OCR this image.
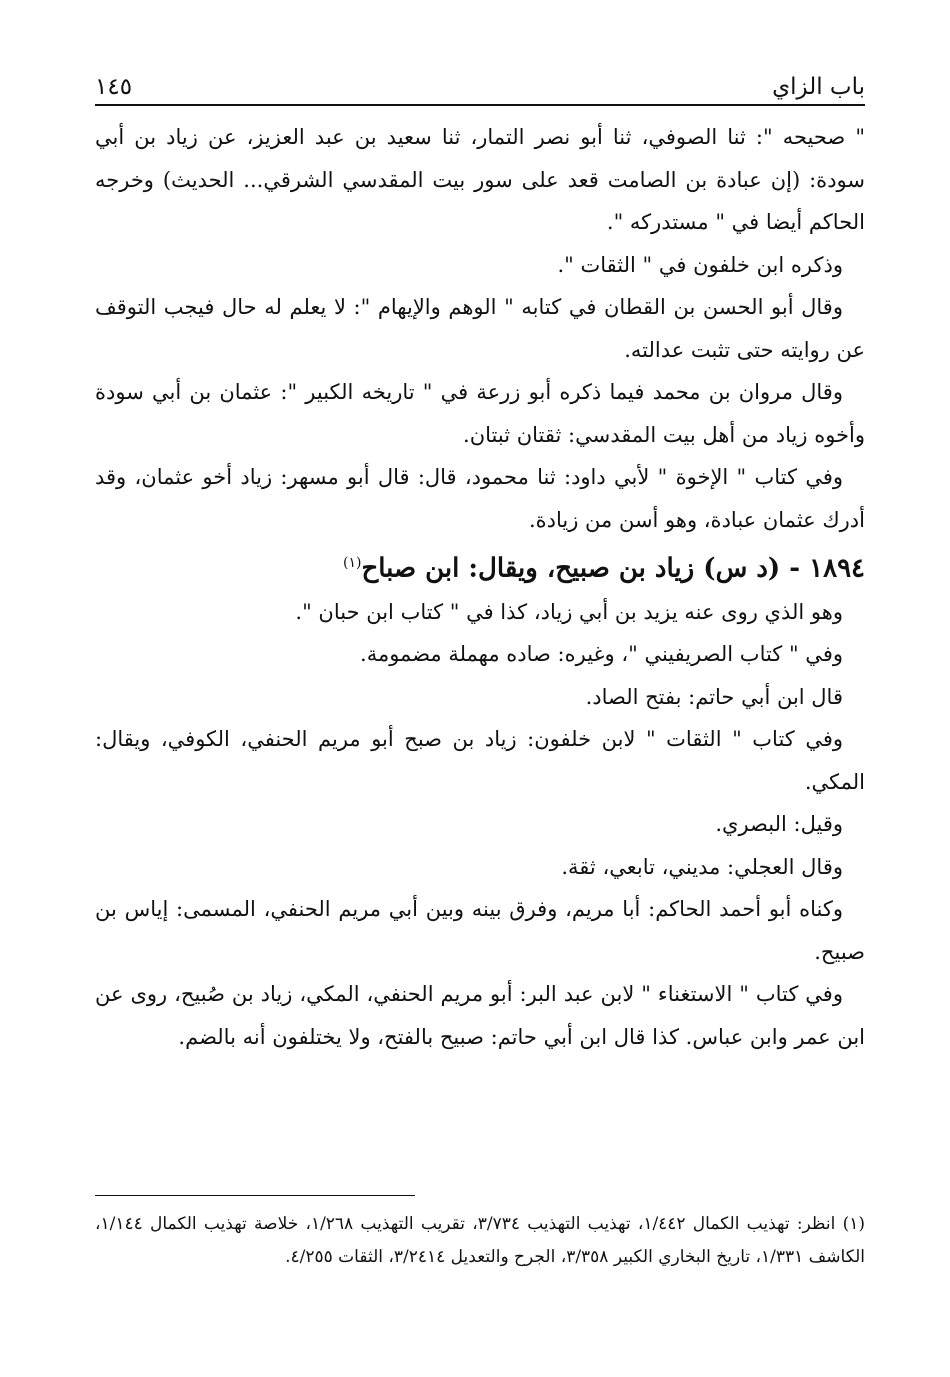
باب الزاي
١٤٥

" صحيحه ": ثنا الصوفي، ثنا أبو نصر التمار، ثنا سعيد بن عبد العزيز، عن زياد بن أبي سودة: (إن عبادة بن الصامت قعد على سور بيت المقدسي الشرقي... الحديث) وخرجه الحاكم أيضا في " مستدركه ".

وذكره ابن خلفون في " الثقات ".

وقال أبو الحسن بن القطان في كتابه " الوهم والإيهام ": لا يعلم له حال فيجب التوقف عن روايته حتى تثبت عدالته.

وقال مروان بن محمد فيما ذكره أبو زرعة في " تاريخه الكبير ": عثمان بن أبي سودة وأخوه زياد من أهل بيت المقدسي: ثقتان ثبتان.

وفي كتاب " الإخوة " لأبي داود: ثنا محمود، قال: قال أبو مسهر: زياد أخو عثمان، وقد أدرك عثمان عبادة، وهو أسن من زيادة.

١٨٩٤ - (د س) زياد بن صبيح، ويقال: ابن صباح$^{(١)}$

وهو الذي روى عنه يزيد بن أبي زياد، كذا في " كتاب ابن حبان ".

وفي " كتاب الصريفيني "، وغيره: صاده مهملة مضمومة.

قال ابن أبي حاتم: بفتح الصاد.

وفي كتاب " الثقات " لابن خلفون: زياد بن صبح أبو مريم الحنفي، الكوفي، ويقال: المكي.

وقيل: البصري.

وقال العجلي: مديني، تابعي، ثقة.

وكناه أبو أحمد الحاكم: أبا مريم، وفرق بينه وبين أبي مريم الحنفي، المسمى: إياس بن صبيح.

وفي كتاب " الاستغناء " لابن عبد البر: أبو مريم الحنفي، المكي، زياد بن صُبيح، روى عن ابن عمر وابن عباس. كذا قال ابن أبي حاتم: صبيح بالفتح، ولا يختلفون أنه بالضم.

(١) انظر: تهذيب الكمال ١/٤٤٢، تهذيب التهذيب ٣/٧٣٤، تقريب التهذيب ١/٢٦٨، خلاصة تهذيب الكمال ١/١٤٤، الكاشف ١/٣٣١، تاريخ البخاري الكبير ٣/٣٥٨، الجرح والتعديل ٣/٢٤١٤، الثقات ٤/٢٥٥.
